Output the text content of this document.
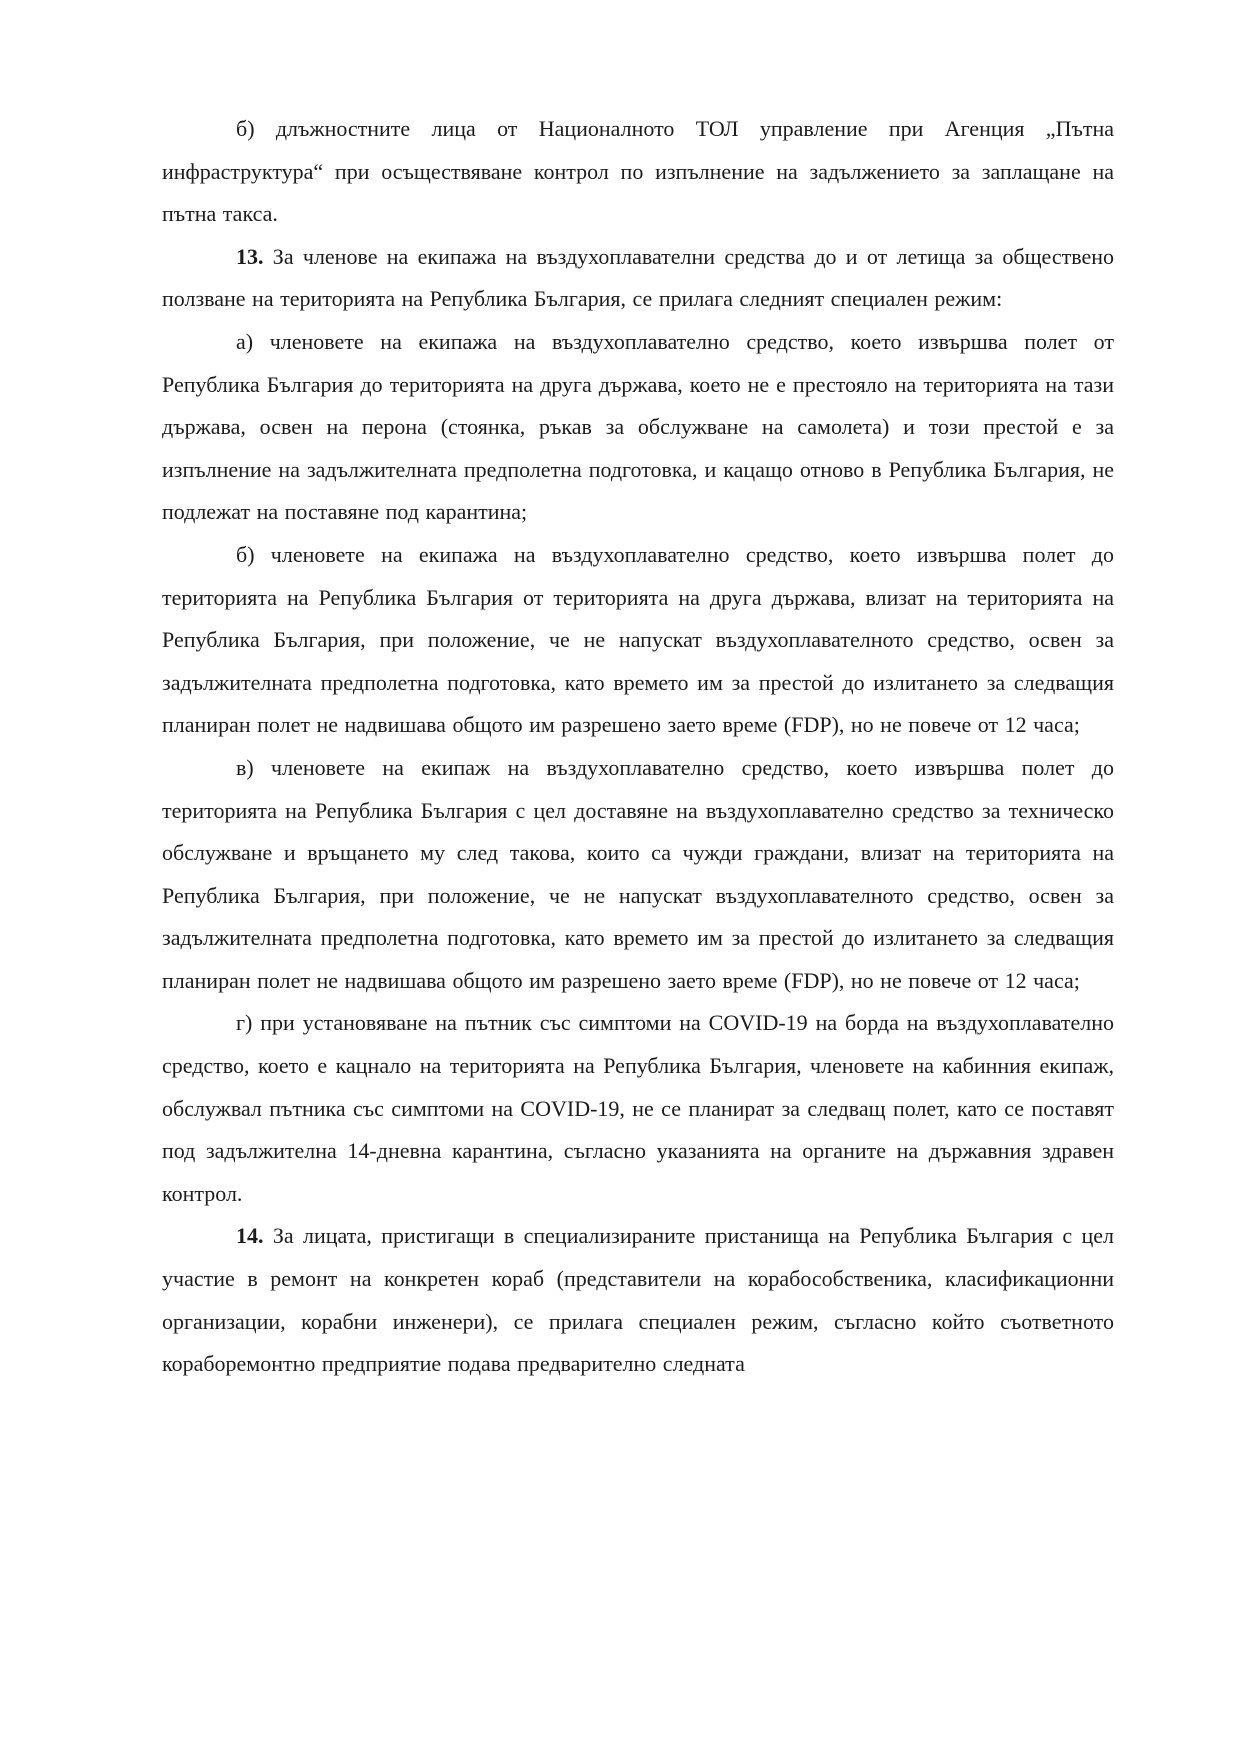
б) длъжностните лица от Националното ТОЛ управление при Агенция „Пътна инфраструктура“ при осъществяване контрол по изпълнение на задължението за заплащане на пътна такса.

13. За членове на екипажа на въздухоплавателни средства до и от летища за обществено ползване на територията на Република България, се прилага следният специален режим:

а) членовете на екипажа на въздухоплавателно средство, което извършва полет от Република България до територията на друга държава, което не е престояло на територията на тази държава, освен на перона (стоянка, ръкав за обслужване на самолета) и този престой е за изпълнение на задължителната предполетна подготовка, и кацащо отново в Република България, не подлежат на поставяне под карантина;

б) членовете на екипажа на въздухоплавателно средство, което извършва полет до територията на Република България от територията на друга държава, влизат на територията на Република България, при положение, че не напускат въздухоплавателното средство, освен за задължителната предполетна подготовка, като времето им за престой до излитането за следващия планиран полет не надвишава общото им разрешено заето време (FDP), но не повече от 12 часа;

в) членовете на екипаж на въздухоплавателно средство, което извършва полет до територията на Република България с цел доставяне на въздухоплавателно средство за техническо обслужване и връщането му след такова, които са чужди граждани, влизат на територията на Република България, при положение, че не напускат въздухоплавателното средство, освен за задължителната предполетна подготовка, като времето им за престой до излитането за следващия планиран полет не надвишава общото им разрешено заето време (FDP), но не повече от 12 часа;

г) при установяване на пътник със симптоми на COVID-19 на борда на въздухоплавателно средство, което е кацнало на територията на Република България, членовете на кабинния екипаж, обслужвал пътника със симптоми на COVID-19, не се планират за следващ полет, като се поставят под задължителна 14-дневна карантина, съгласно указанията на органите на държавния здравен контрол.

14. За лицата, пристигащи в специализираните пристанища на Република България с цел участие в ремонт на конкретен кораб (представители на корабособственика, класификационни организации, корабни инженери), се прилага специален режим, съгласно който съответното кораборемонтно предприятие подава предварително следната
